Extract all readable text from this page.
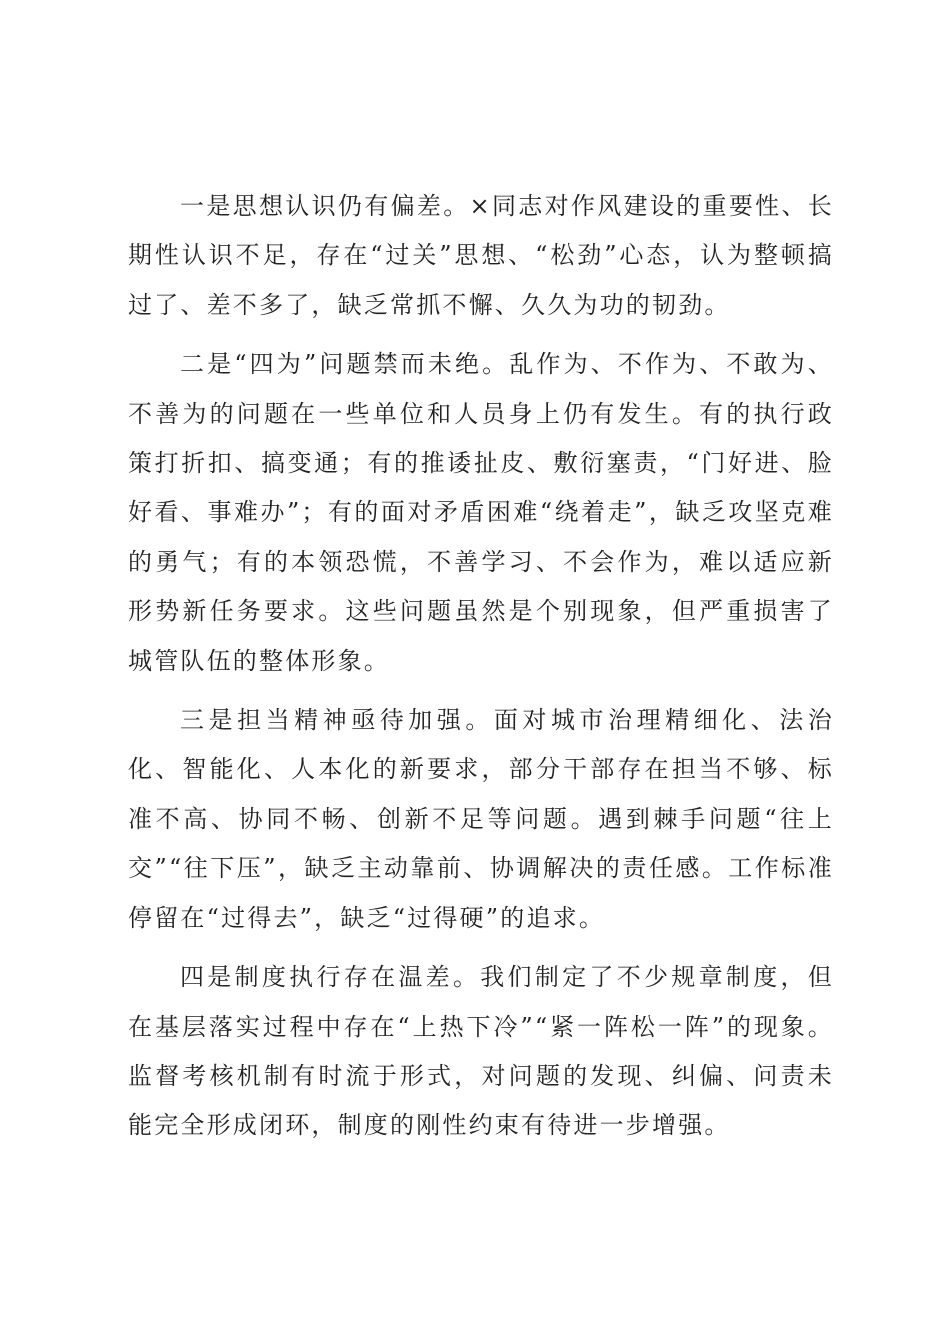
一是思想认识仍有偏差。×同志对作风建设的重要性、长期性认识不足，存在“过关”思想、“松劲”心态，认为整顿搞过了、差不多了，缺乏常抓不懈、久久为功的韧劲。

二是“四为”问题禁而未绝。乱作为、不作为、不敢为、不善为的问题在一些单位和人员身上仍有发生。有的执行政策打折扣、搞变通；有的推诿扯皮、敷衍塞责，“门好进、脸好看、事难办”；有的面对矛盾困难“绕着走”，缺乏攻坚克难的勇气；有的本领恐慌，不善学习、不会作为，难以适应新形势新任务要求。这些问题虽然是个别现象，但严重损害了城管队伍的整体形象。

三是担当精神亟待加强。面对城市治理精细化、法治化、智能化、人本化的新要求，部分干部存在担当不够、标准不高、协同不畅、创新不足等问题。遇到棘手问题“往上交”“往下压”，缺乏主动靠前、协调解决的责任感。工作标准停留在“过得去”，缺乏“过得硬”的追求。

四是制度执行存在温差。我们制定了不少规章制度，但在基层落实过程中存在“上热下冷”“紧一阵松一阵”的现象。监督考核机制有时流于形式，对问题的发现、纠偏、问责未能完全形成闭环，制度的刚性约束有待进一步增强。
